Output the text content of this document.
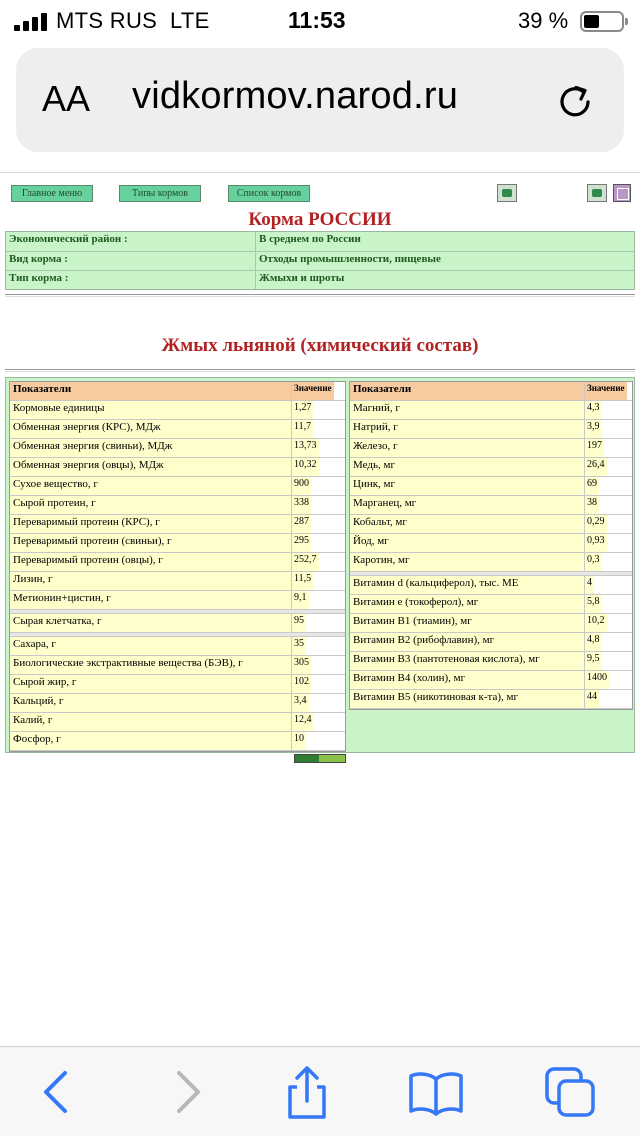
MTS RUS LTE	11:53	39 %
AA vidkormov.narod.ru
Главное меню	Типы кормов	Список кормов
Корма РОССИИ
Экономический район :	В среднем по России
Вид корма :	Отходы промышленности, пищевые
Тип корма :	Жмыхи и шроты
Жмых льняной (химический состав)
Показатели	Значение
Кормовые единицы	1,27
Обменная энергия (КРС), МДж	11,7
Обменная энергия (свиньи), МДж	13,73
Обменная энергия (овцы), МДж	10,32
Сухое вещество, г	900
Сырой протеин, г	338
Переваримый протеин (КРС), г	287
Переваримый протеин (свиньи), г	295
Переваримый протеин (овцы), г	252,7
Лизин, г	11,5
Метионин+цистин, г	9,1
Сырая клетчатка, г	95
Сахара, г	35
Биологические экстрактивные вещества (БЭВ), г	305
Сырой жир, г	102
Кальций, г	3,4
Калий, г	12,4
Фосфор, г	10
Показатели	Значение
Магний, г	4,3
Натрий, г	3,9
Железо, г	197
Медь, мг	26,4
Цинк, мг	69
Марганец, мг	38
Кобальт, мг	0,29
Йод, мг	0,93
Каротин, мг	0,3
Витамин d (кальциферол), тыс. МЕ	4
Витамин е (токоферол), мг	5,8
Витамин В1 (тиамин), мг	10,2
Витамин В2 (рибофлавин), мг	4,8
Витамин В3 (пантотеновая кислота), мг	9,5
Витамин В4 (холин), мг	1400
Витамин В5 (никотиновая к-та), мг	44
UCOZ
